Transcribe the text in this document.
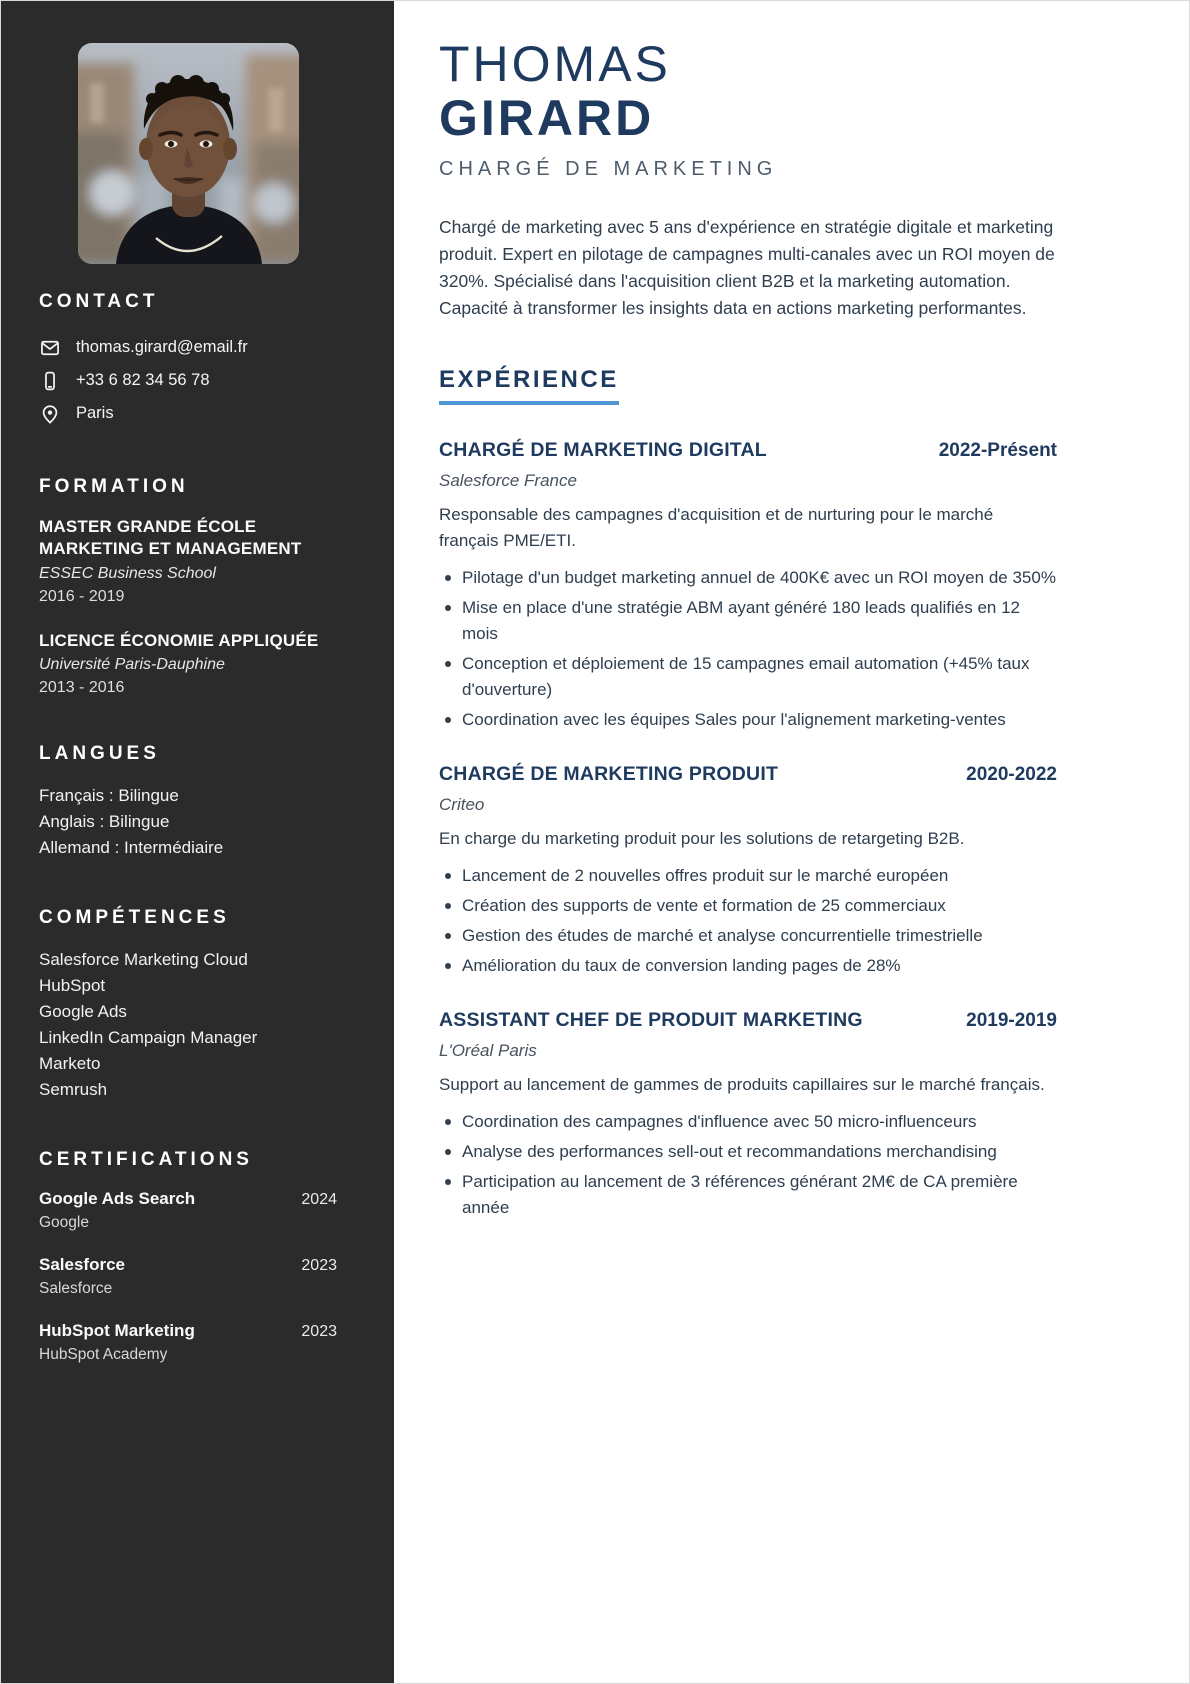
CONTACT
thomas.girard@email.fr
+33 6 82 34 56 78
Paris
FORMATION
MASTER GRANDE ÉCOLE MARKETING ET MANAGEMENT
ESSEC Business School
2016 - 2019
LICENCE ÉCONOMIE APPLIQUÉE
Université Paris-Dauphine
2013 - 2016
LANGUES
Français : Bilingue
Anglais : Bilingue
Allemand : Intermédiaire
COMPÉTENCES
Salesforce Marketing Cloud
HubSpot
Google Ads
LinkedIn Campaign Manager
Marketo
Semrush
CERTIFICATIONS
Google Ads Search	2024
Google
Salesforce	2023
Salesforce
HubSpot Marketing	2023
HubSpot Academy
THOMAS
GIRARD
CHARGÉ DE MARKETING

Chargé de marketing avec 5 ans d'expérience en stratégie digitale et marketing produit. Expert en pilotage de campagnes multi-canales avec un ROI moyen de 320%. Spécialisé dans l'acquisition client B2B et la marketing automation. Capacité à transformer les insights data en actions marketing performantes.

EXPÉRIENCE
CHARGÉ DE MARKETING DIGITAL	2022-Présent
Salesforce France

Responsable des campagnes d'acquisition et de nurturing pour le marché français PME/ETI.

Pilotage d'un budget marketing annuel de 400K€ avec un ROI moyen de 350%
Mise en place d'une stratégie ABM ayant généré 180 leads qualifiés en 12 mois
Conception et déploiement de 15 campagnes email automation (+45% taux d'ouverture)
Coordination avec les équipes Sales pour l'alignement marketing-ventes
CHARGÉ DE MARKETING PRODUIT	2020-2022
Criteo

En charge du marketing produit pour les solutions de retargeting B2B.

Lancement de 2 nouvelles offres produit sur le marché européen
Création des supports de vente et formation de 25 commerciaux
Gestion des études de marché et analyse concurrentielle trimestrielle
Amélioration du taux de conversion landing pages de 28%
ASSISTANT CHEF DE PRODUIT MARKETING	2019-2019
L'Oréal Paris

Support au lancement de gammes de produits capillaires sur le marché français.

Coordination des campagnes d'influence avec 50 micro-influenceurs
Analyse des performances sell-out et recommandations merchandising
Participation au lancement de 3 références générant 2M€ de CA première année
